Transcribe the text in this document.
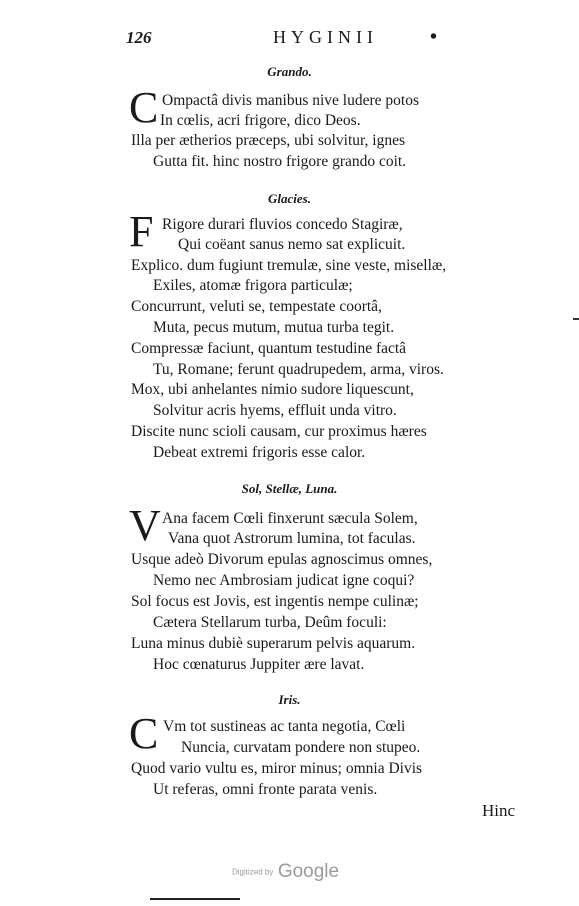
126	HYGINII	•
Grando.
C Ompactâ divis manibus nive ludere potos
In cœlis, acri frigore, dico Deos.
Illa per ætherios præceps, ubi solvitur, ignes
Gutta fit. hinc nostro frigore grando coit.
Glacies.
F Rigore durari fluvios concedo Stagiræ,
Qui coëant sanus nemo sat explicuit.
Explico. dum fugiunt tremulæ, sine veste, misellæ,
Exiles, atomæ frigora particulæ;
Concurrunt, veluti se, tempestate coortâ,
Muta, pecus mutum, mutua turba tegit.
Compressæ faciunt, quantum testudine factâ
Tu, Romane; ferunt quadrupedem, arma, viros.
Mox, ubi anhelantes nimio sudore liquescunt,
Solvitur acris hyems, effluit unda vitro.
Discite nunc scioli causam, cur proximus hæres
Debeat extremi frigoris esse calor.
Sol, Stellæ, Luna.
V Ana facem Cœli finxerunt sæcula Solem,
Vana quot Astrorum lumina, tot faculas.
Usque adeò Divorum epulas agnoscimus omnes,
Nemo nec Ambrosiam judicat igne coqui?
Sol focus est Jovis, est ingentis nempe culinæ;
Cætera Stellarum turba, Deûm foculi:
Luna minus dubiè superarum pelvis aquarum.
Hoc cœnaturus Juppiter ære lavat.
Iris.
C Vm tot sustineas ac tanta negotia, Cœli
Nuncia, curvatam pondere non stupeo.
Quod vario vultu es, miror minus; omnia Divis
Ut referas, omni fronte parata venis.
Hinc
Digitized by Google
